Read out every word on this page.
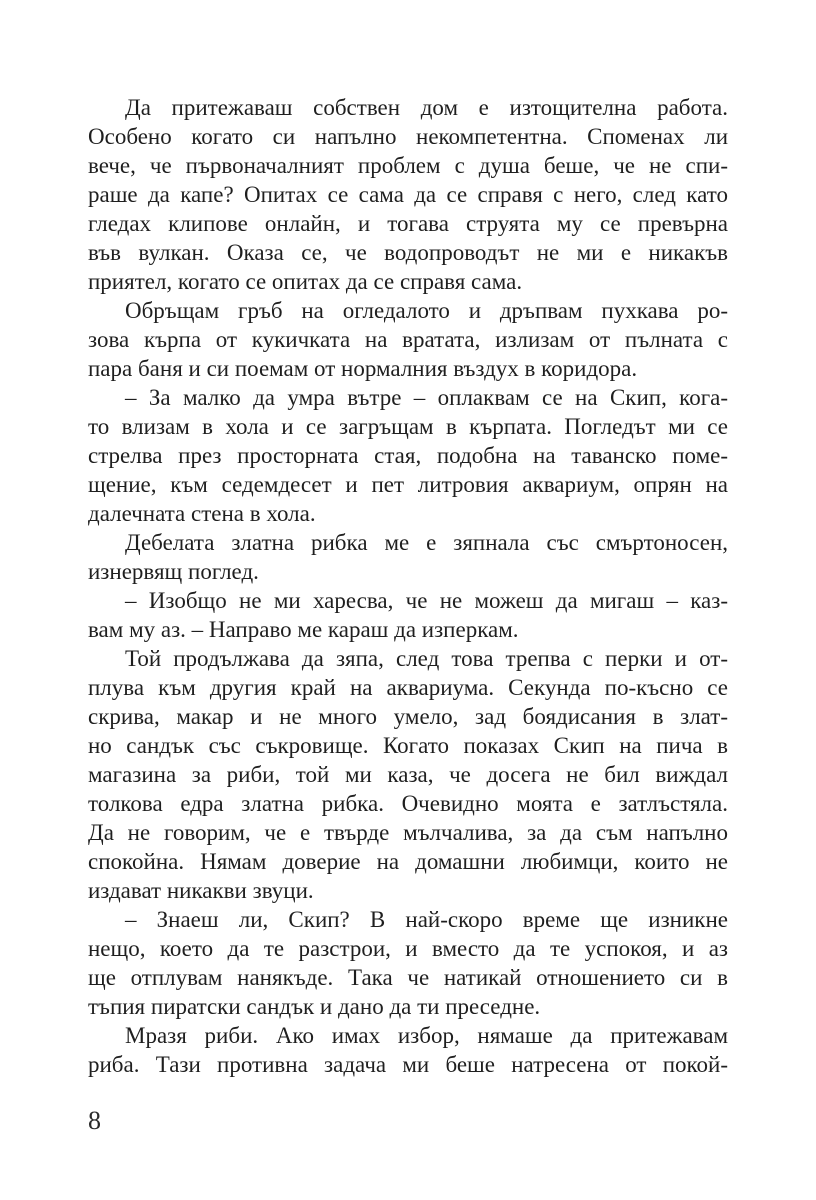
Да притежаваш собствен дом е изтощителна работа.
Особено когато си напълно некомпетентна. Споменах ли
вече, че първоначалният проблем с душа беше, че не спи-
раше да капе? Опитах се сама да се справя с него, след като
гледах клипове онлайн, и тогава струята му се превърна
във вулкан. Оказа се, че водопроводът не ми е никакъв
приятел, когато се опитах да се справя сама.

Обръщам гръб на огледалото и дръпвам пухкава ро-
зова кърпа от кукичката на вратата, излизам от пълната с
пара баня и си поемам от нормалния въздух в коридора.

– За малко да умра вътре – оплаквам се на Скип, кога-
то влизам в хола и се загръщам в кърпата. Погледът ми се
стрелва през просторната стая, подобна на таванско поме-
щение, към седемдесет и пет литровия аквариум, опрян на
далечната стена в хола.

Дебелата златна рибка ме е зяпнала със смъртоносен,
изнервящ поглед.

– Изобщо не ми харесва, че не можеш да мигаш – каз-
вам му аз. – Направо ме караш да изперкам.

Той продължава да зяпа, след това трепва с перки и от-
плува към другия край на аквариума. Секунда по-късно се
скрива, макар и не много умело, зад боядисания в злат-
но сандък със съкровище. Когато показах Скип на пича в
магазина за риби, той ми каза, че досега не бил виждал
толкова едра златна рибка. Очевидно моята е затлъстяла.
Да не говорим, че е твърде мълчалива, за да съм напълно
спокойна. Нямам доверие на домашни любимци, които не
издават никакви звуци.

– Знаеш ли, Скип? В най-скоро време ще изникне
нещо, което да те разстрои, и вместо да те успокоя, и аз
ще отплувам нанякъде. Така че натикай отношението си в
тъпия пиратски сандък и дано да ти преседне.

Мразя риби. Ако имах избор, нямаше да притежавам
риба. Тази противна задача ми беше натресена от покой-

8
